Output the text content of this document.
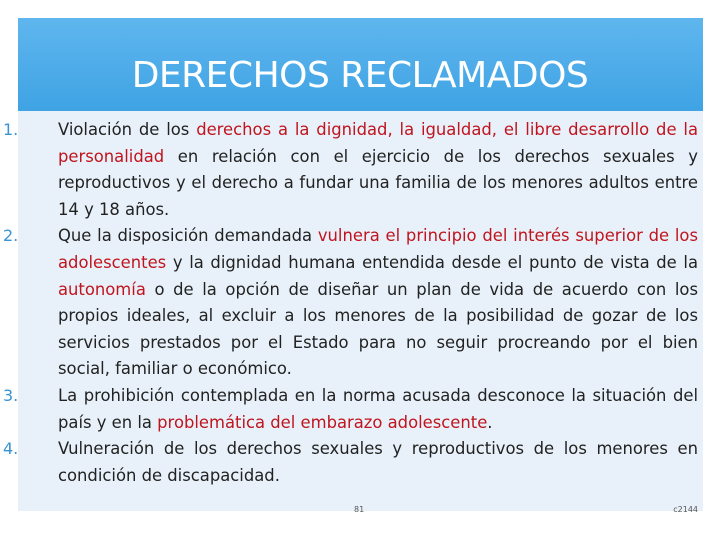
DERECHOS RECLAMADOS
1.	Violación de los derechos a la dignidad, la igualdad, el libre desarrollo de la personalidad en relación con el ejercicio de los derechos sexuales y reproductivos y el derecho a fundar una familia de los menores adultos entre 14 y 18 años.
2.	Que la disposición demandada vulnera el principio del interés superior de los adolescentes y la dignidad humana entendida desde el punto de vista de la autonomía o de la opción de diseñar un plan de vida de acuerdo con los propios ideales, al excluir a los menores de la posibilidad de gozar de los servicios prestados por el Estado para no seguir procreando por el bien social, familiar o económico.
3.	La prohibición contemplada en la norma acusada desconoce la situación del país y en la problemática del embarazo adolescente.
4.	Vulneración de los derechos sexuales y reproductivos de los menores en condición de discapacidad.
81	c2144
